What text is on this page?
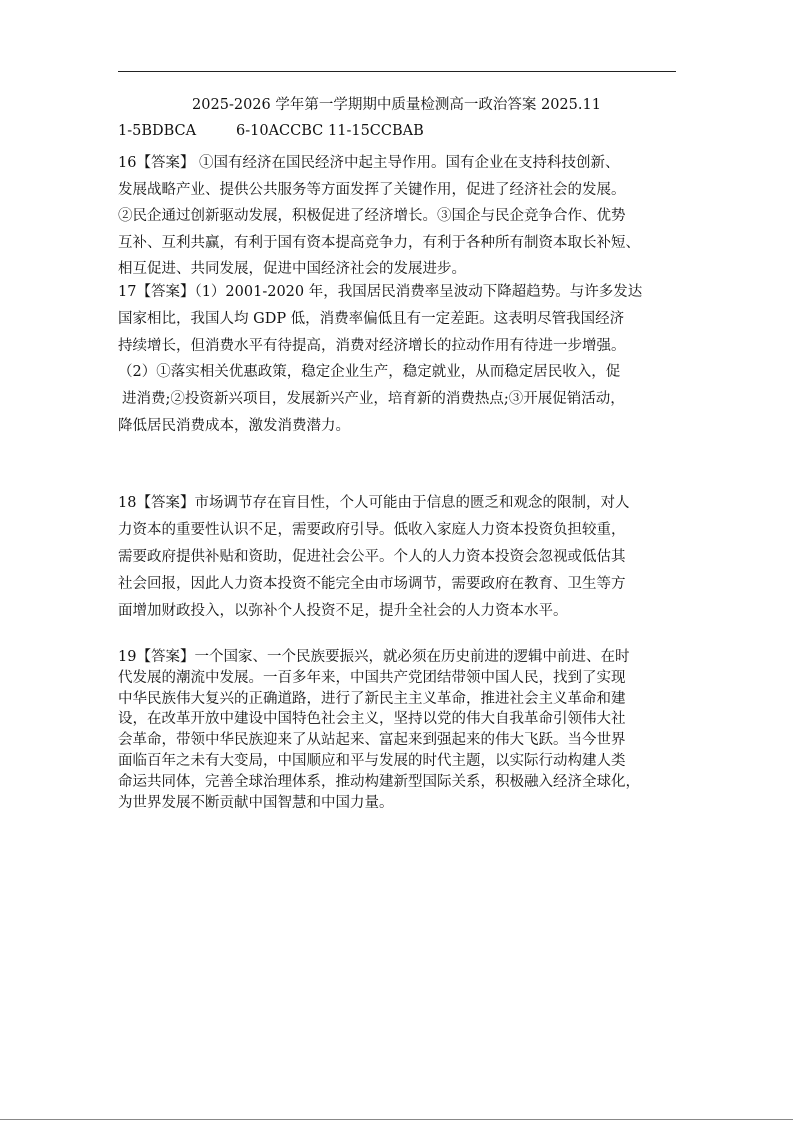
2025-2026 学年第一学期期中质量检测高一政治答案 2025.11
1-5BDBCA	6-10ACCBC 11-15CCBAB
16【答案】 ①国有经济在国民经济中起主导作用。国有企业在支持科技创新、
发展战略产业、提供公共服务等方面发挥了关键作用，促进了经济社会的发展。
②民企通过创新驱动发展，积极促进了经济增长。③国企与民企竞争合作、优势
互补、互利共赢，有利于国有资本提高竞争力，有利于各种所有制资本取长补短、
相互促进、共同发展，促进中国经济社会的发展进步。
17【答案】（1）2001-2020 年，我国居民消费率呈波动下降超趋势。与许多发达
国家相比，我国人均 GDP 低，消费率偏低且有一定差距。这表明尽管我国经济
持续增长，但消费水平有待提高，消费对经济增长的拉动作用有待进一步增强。
（2）①落实相关优惠政策，稳定企业生产，稳定就业，从而稳定居民收入，促
进消费;②投资新兴项目，发展新兴产业，培育新的消费热点;③开展促销活动，
降低居民消费成本，激发消费潜力。
18【答案】市场调节存在盲目性，个人可能由于信息的匮乏和观念的限制，对人
力资本的重要性认识不足，需要政府引导。低收入家庭人力资本投资负担较重，
需要政府提供补贴和资助，促进社会公平。个人的人力资本投资会忽视或低估其
社会回报，因此人力资本投资不能完全由市场调节，需要政府在教育、卫生等方
面增加财政投入，以弥补个人投资不足，提升全社会的人力资本水平。
19【答案】一个国家、一个民族要振兴，就必须在历史前进的逻辑中前进、在时
代发展的潮流中发展。一百多年来，中国共产党团结带领中国人民，找到了实现
中华民族伟大复兴的正确道路，进行了新民主主义革命，推进社会主义革命和建
设，在改革开放中建设中国特色社会主义，坚持以党的伟大自我革命引领伟大社
会革命，带领中华民族迎来了从站起来、富起来到强起来的伟大飞跃。当今世界
面临百年之未有大变局，中国顺应和平与发展的时代主题，以实际行动构建人类
命运共同体，完善全球治理体系，推动构建新型国际关系，积极融入经济全球化，
为世界发展不断贡献中国智慧和中国力量。
